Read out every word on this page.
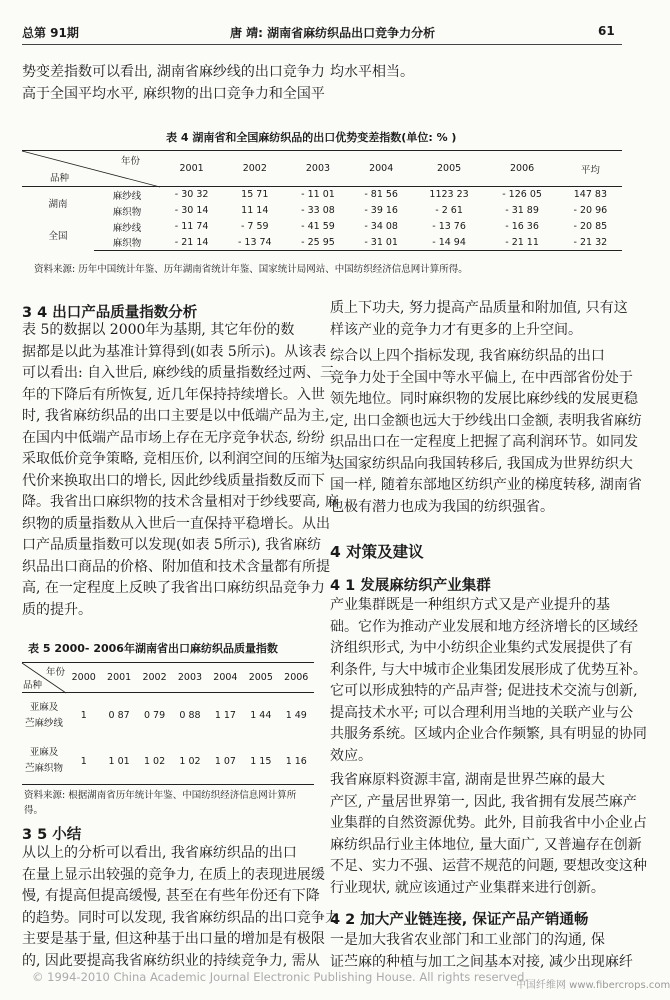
总第 91期	唐 靖: 湖南省麻纺织品出口竞争力分析	61
势变差指数可以看出, 湖南省麻纱线的出口竞争力
高于全国平均水平, 麻织物的出口竞争力和全国平
均水平相当。
表 4 湖南省和全国麻纺织品的出口优势变差指数(单位: % )
年份
品种		2001	2002	2003	2004	2005	2006	平均
湖南	麻纱线	- 30 32	15 71	- 11 01	- 81 56	1123 23	- 126 05	147 83
	麻织物	- 30 14	11 14	- 33 08	- 39 16	- 2 61	- 31 89	- 20 96
全国	麻纱线	- 11 74	- 7 59	- 41 59	- 34 08	- 13 76	- 16 36	- 20 85
	麻织物	- 21 14	- 13 74	- 25 95	- 31 01	- 14 94	- 21 11	- 21 32
资料来源: 历年中国统计年鉴、历年湖南省统计年鉴、国家统计局网站、中国纺织经济信息网计算所得。
3 4 出口产品质量指数分析
表 5的数据以 2000年为基期, 其它年份的数
据都是以此为基准计算得到(如表 5所示)。从该表
可以看出: 自入世后, 麻纱线的质量指数经过两、三
年的下降后有所恢复, 近几年保持持续增长。入世
时, 我省麻纺织品的出口主要是以中低端产品为主,
在国内中低端产品市场上存在无序竞争状态, 纷纷
采取低价竞争策略, 竞相压价, 以利润空间的压缩为
代价来换取出口的增长, 因此纱线质量指数反而下
降。我省出口麻织物的技术含量相对于纱线要高, 麻
织物的质量指数从入世后一直保持平稳增长。从出
口产品质量指数可以发现(如表 5所示), 我省麻纺
织品出口商品的价格、附加值和技术含量都有所提
高, 在一定程度上反映了我省出口麻纺织品竞争力
质的提升。
表 5 2000- 2006年湖南省出口麻纺织品质量指数
年份
品种	2000	2001	2002	2003	2004	2005	2006
亚麻及
苎麻纱线	1	0 87	0 79	0 88	1 17	1 44	1 49
亚麻及
苎麻织物	1	1 01	1 02	1 02	1 07	1 15	1 16
资料来源: 根据湖南省历年统计年鉴、中国纺织经济信息网计算所
得。
3 5 小结
从以上的分析可以看出, 我省麻纺织品的出口
在量上显示出较强的竞争力, 在质上的表现进展缓
慢, 有提高但提高缓慢, 甚至在有些年份还有下降
的趋势。同时可以发现, 我省麻纺织品的出口竞争力
主要是基于量, 但这种基于出口量的增加是有极限
的, 因此要提高我省麻纺织业的持续竞争力, 需从
质上下功夫, 努力提高产品质量和附加值, 只有这
样该产业的竞争力才有更多的上升空间。
综合以上四个指标发现, 我省麻纺织品的出口
竞争力处于全国中等水平偏上, 在中西部省份处于
领先地位。同时麻织物的发展比麻纱线的发展更稳
定, 出口金额也远大于纱线出口金额, 表明我省麻纺
织品出口在一定程度上把握了高利润环节。如同发
达国家纺织品向我国转移后, 我国成为世界纺织大
国一样, 随着东部地区纺织产业的梯度转移, 湖南省
也极有潜力也成为我国的纺织强省。
4 对策及建议
4 1 发展麻纺织产业集群
产业集群既是一种组织方式又是产业提升的基
础。它作为推动产业发展和地方经济增长的区域经
济组织形式, 为中小纺织企业集约式发展提供了有
利条件, 与大中城市企业集团发展形成了优势互补。
它可以形成独特的产品声誉; 促进技术交流与创新,
提高技术水平; 可以合理利用当地的关联产业与公
共服务系统。区域内企业合作频繁, 具有明显的协同
效应。
我省麻原料资源丰富, 湖南是世界苎麻的最大
产区, 产量居世界第一, 因此, 我省拥有发展苎麻产
业集群的自然资源优势。此外, 目前我省中小企业占
麻纺织品行业主体地位, 量大面广, 又普遍存在创新
不足、实力不强、运营不规范的问题, 要想改变这种
行业现状, 就应该通过产业集群来进行创新。
4 2 加大产业链连接, 保证产品产销通畅
一是加大我省农业部门和工业部门的沟通, 保
证苎麻的种植与加工之间基本对接, 减少出现麻纤
© 1994-2010 China Academic Journal Electronic Publishing House. All rights reserved.
中国纤维网 www.fibercrops.com
